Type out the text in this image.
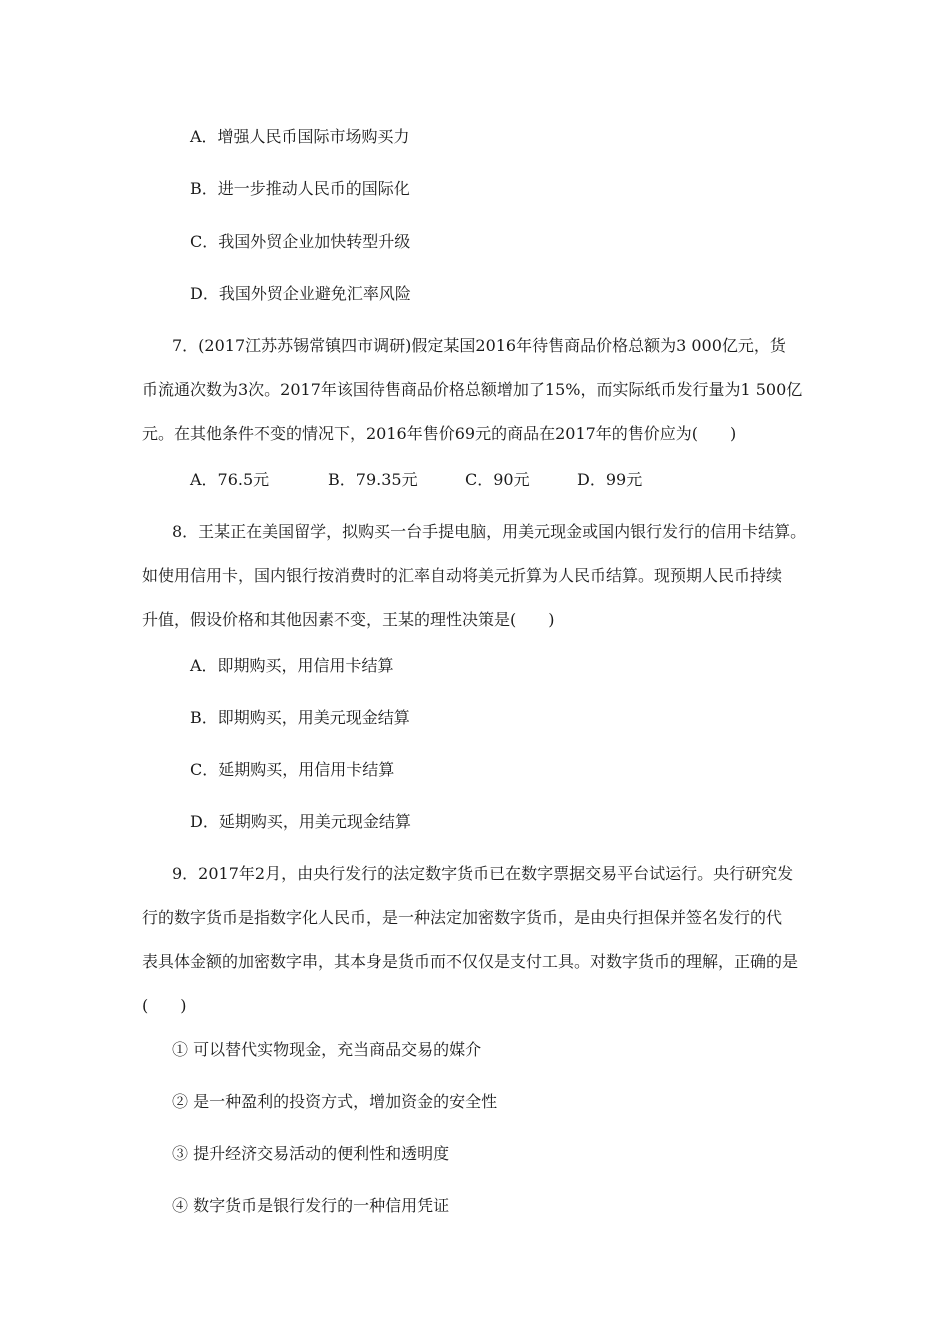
A．增强人民币国际市场购买力
B．进一步推动人民币的国际化
C．我国外贸企业加快转型升级
D．我国外贸企业避免汇率风险
7．(2017江苏苏锡常镇四市调研)假定某国2016年待售商品价格总额为3 000亿元，货
币流通次数为3次。2017年该国待售商品价格总额增加了15%，而实际纸币发行量为1 500亿
元。在其他条件不变的情况下，2016年售价69元的商品在2017年的售价应为(　　)
A．76.5元	B．79.35元	C．90元	D．99元
8．王某正在美国留学，拟购买一台手提电脑，用美元现金或国内银行发行的信用卡结算。
如使用信用卡，国内银行按消费时的汇率自动将美元折算为人民币结算。现预期人民币持续
升值，假设价格和其他因素不变，王某的理性决策是(　　)
A．即期购买，用信用卡结算
B．即期购买，用美元现金结算
C．延期购买，用信用卡结算
D．延期购买，用美元现金结算
9．2017年2月，由央行发行的法定数字货币已在数字票据交易平台试运行。央行研究发
行的数字货币是指数字化人民币，是一种法定加密数字货币，是由央行担保并签名发行的代
表具体金额的加密数字串，其本身是货币而不仅仅是支付工具。对数字货币的理解，正确的是
(　　)
① 可以替代实物现金，充当商品交易的媒介
② 是一种盈利的投资方式，增加资金的安全性
③ 提升经济交易活动的便利性和透明度
④ 数字货币是银行发行的一种信用凭证
